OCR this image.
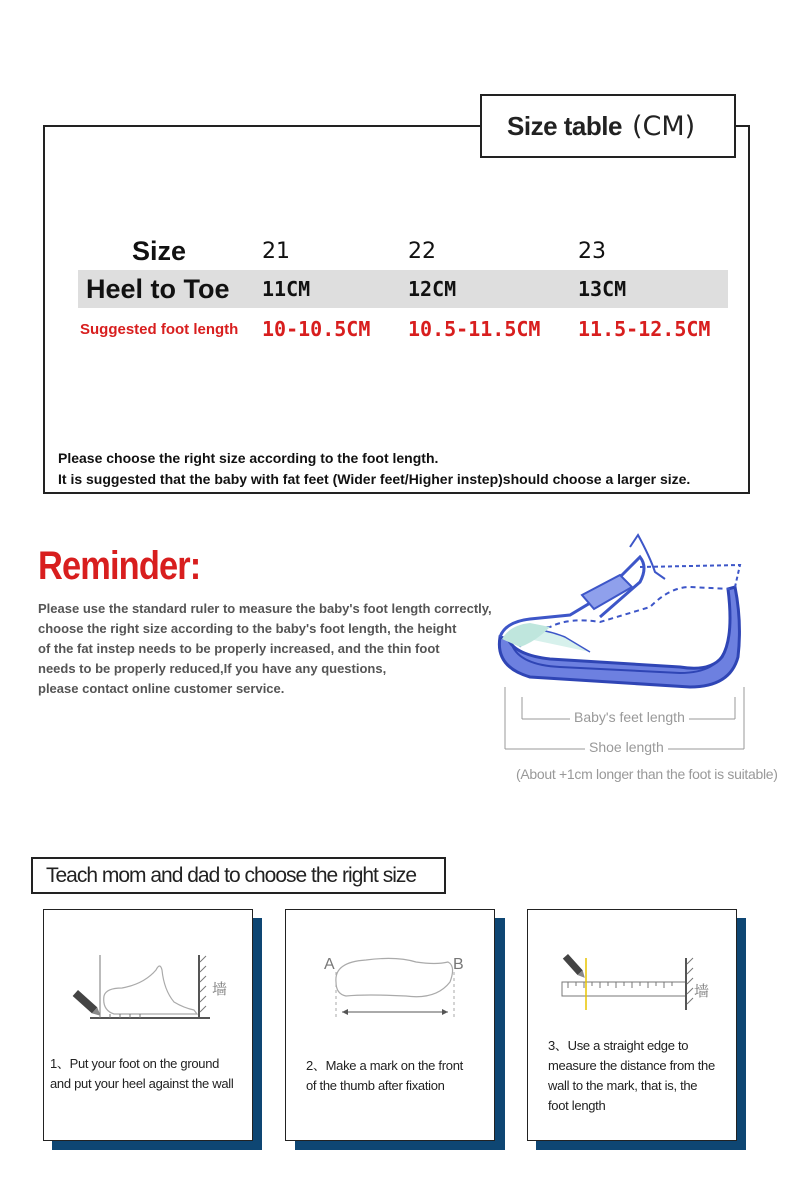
Size table (CM)
Size	21	22	23
Heel to Toe 11CM	12CM	13CM
Suggested foot length 10-10.5CM 10.5-11.5CM 11.5-12.5CM
Please choose the right size according to the foot length.
It is suggested that the baby with fat feet (Wider feet/Higher instep)should choose a larger size.
Reminder:
Please use the standard ruler to measure the baby's foot length correctly,
choose the right size according to the baby's foot length, the height
of the fat instep needs to be properly increased, and the thin foot
needs to be properly reduced,If you have any questions,
please contact online customer service.
Baby's feet length
Shoe length
(About +1cm longer than the foot is suitable)
Teach mom and dad to choose the right size
墙
1、Put your foot on the ground
and put your heel against the wall
A	B
2、Make a mark on the front
of the thumb after fixation
墙
3、Use a straight edge to
measure the distance from the
wall to the mark, that is, the
foot length
